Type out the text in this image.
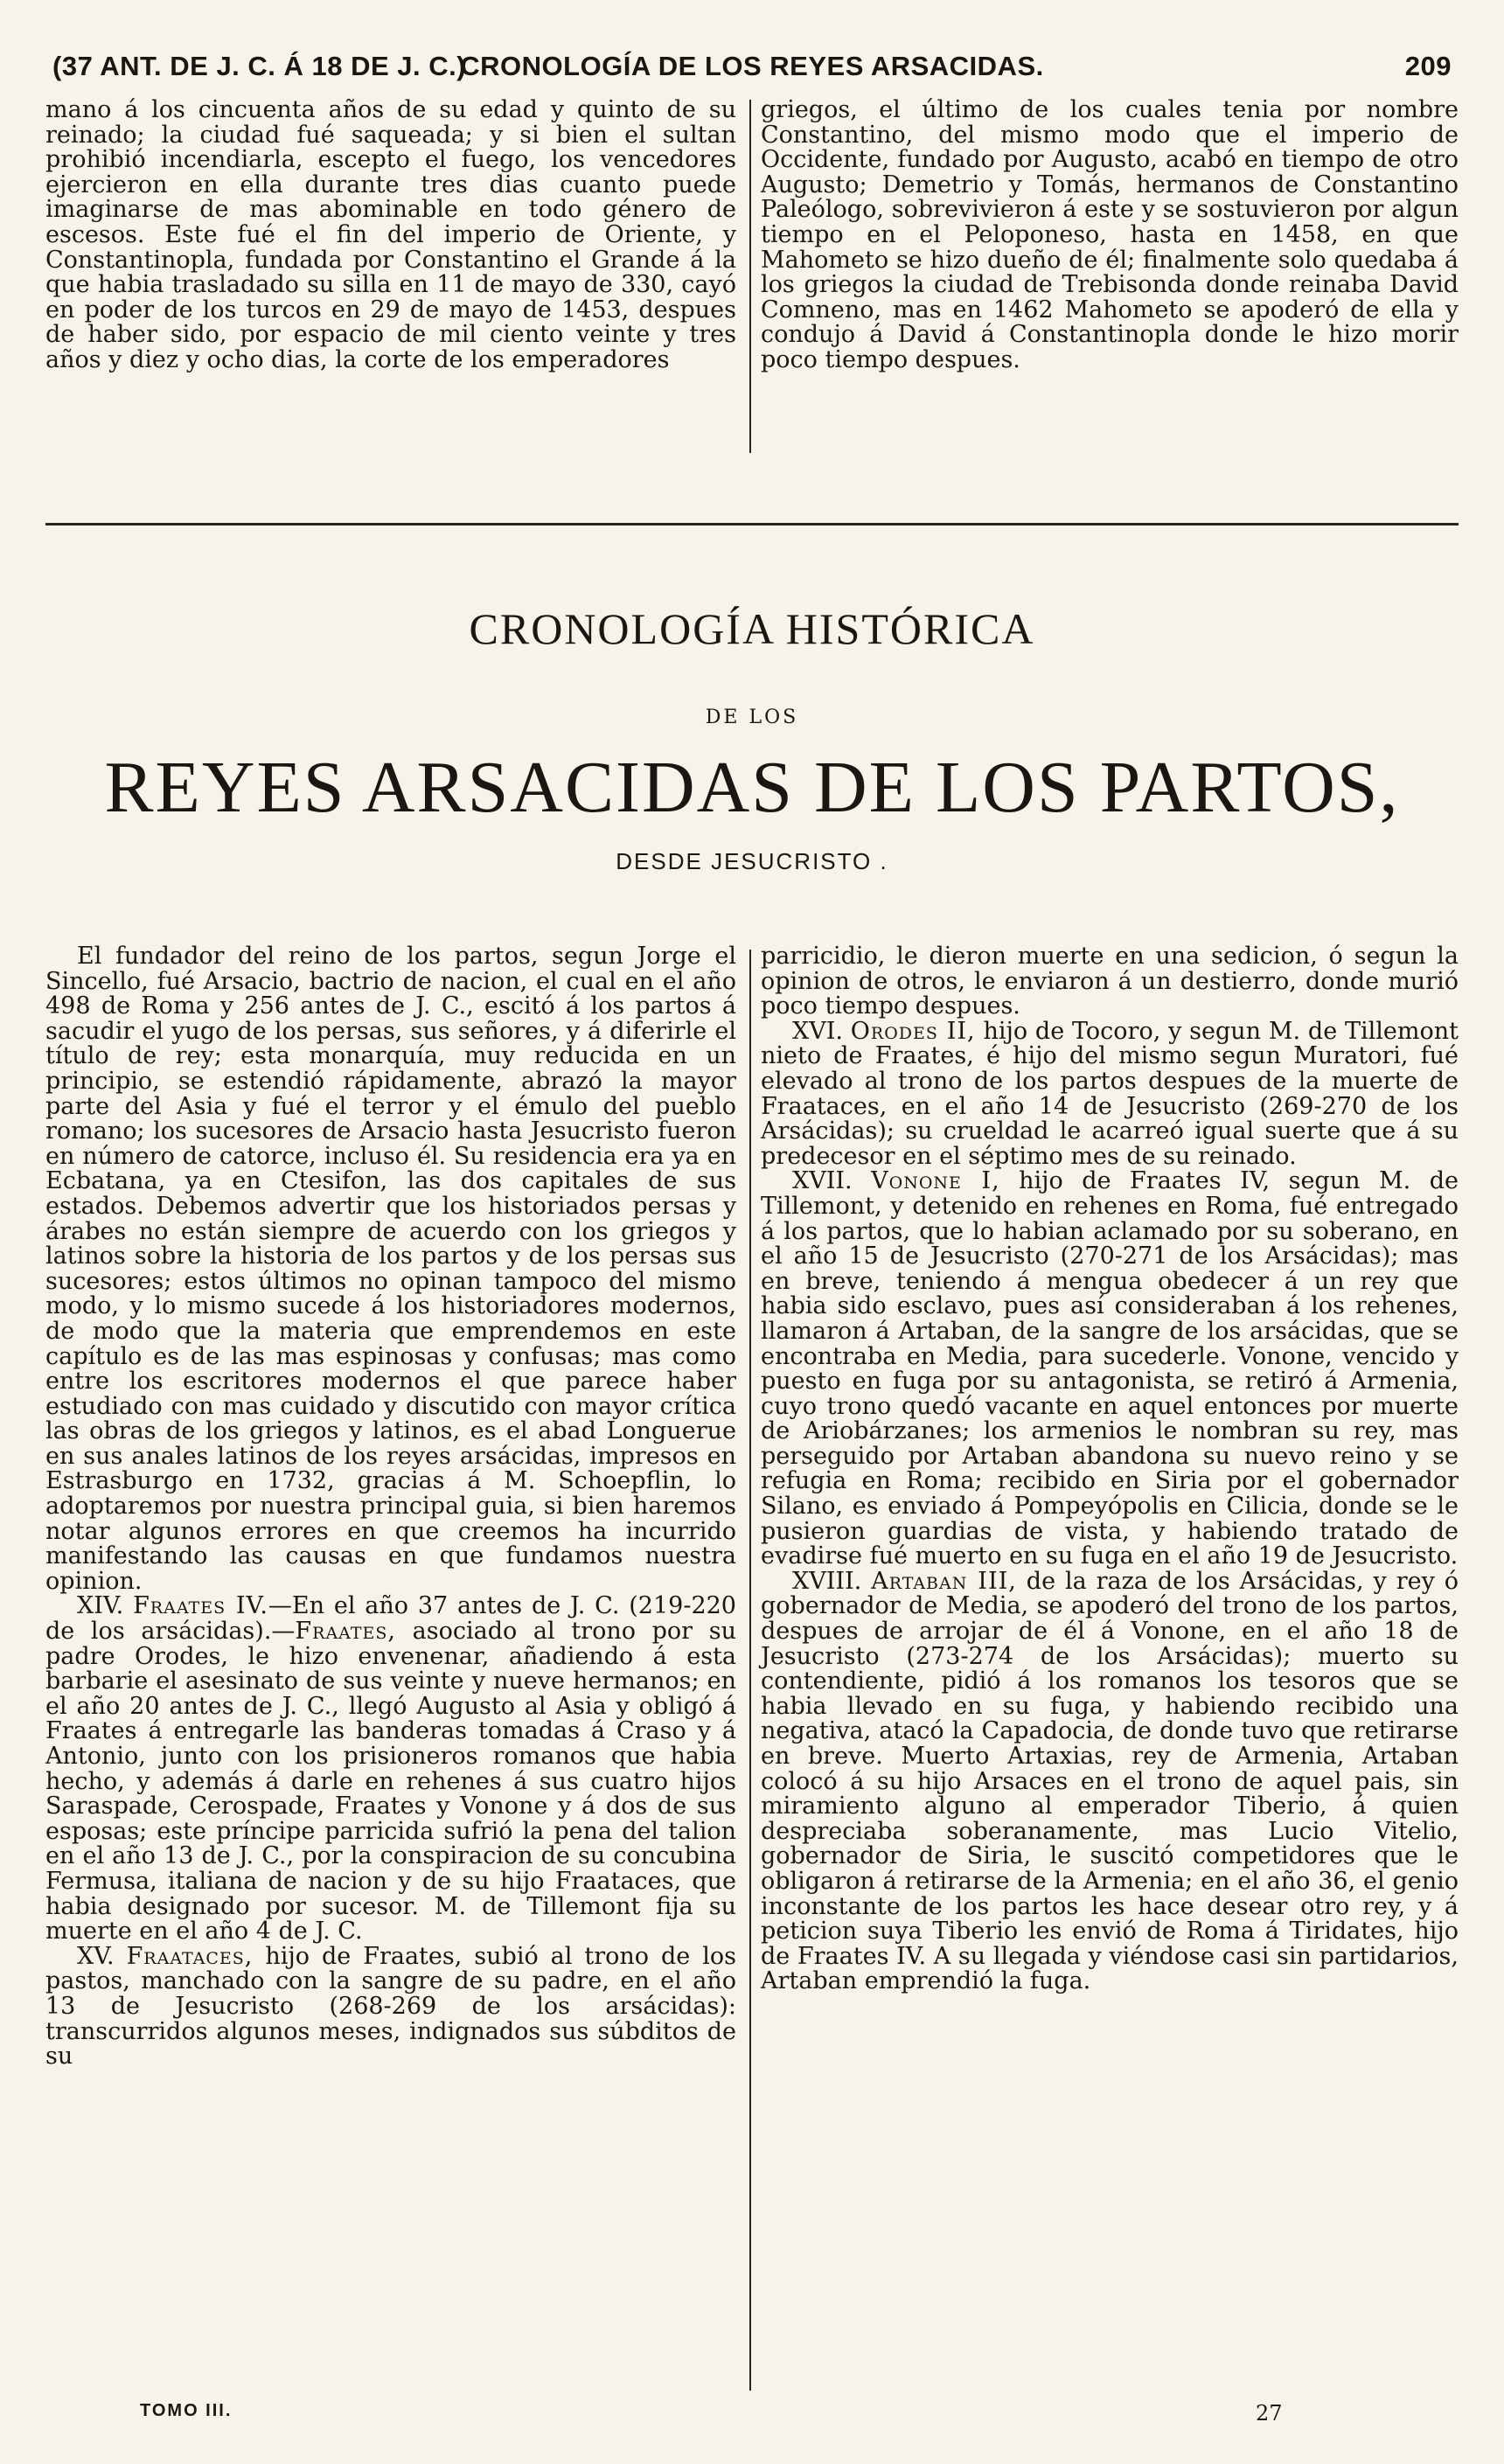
(37 ANT. DE J. C. Á 18 DE J. C.)
CRONOLOGÍA DE LOS REYES ARSACIDAS.	209

mano á los cincuenta años de su edad y quinto de su reinado; la ciudad fué saqueada; y si bien el sultan prohibió incendiarla, escepto el fuego, los vencedores ejercieron en ella durante tres dias cuanto puede imaginarse de mas abominable en todo género de escesos. Este fué el fin del imperio de Oriente, y Constantinopla, fundada por Constantino el Grande á la que habia trasladado su silla en 11 de mayo de 330, cayó en poder de los turcos en 29 de mayo de 1453, despues de haber sido, por espacio de mil ciento veinte y tres años y diez y ocho dias, la corte de los emperadores

griegos, el último de los cuales tenia por nombre Constantino, del mismo modo que el imperio de Occidente, fundado por Augusto, acabó en tiempo de otro Augusto; Demetrio y Tomás, hermanos de Constantino Paleólogo, sobrevivieron á este y se sostuvieron por algun tiempo en el Peloponeso, hasta en 1458, en que Mahometo se hizo dueño de él; finalmente solo quedaba á los griegos la ciudad de Trebisonda donde reinaba David Comneno, mas en 1462 Mahometo se apoderó de ella y condujo á David á Constantinopla donde le hizo morir poco tiempo despues.

CRONOLOGÍA HISTÓRICA
DE LOS
REYES ARSACIDAS DE LOS PARTOS,
DESDE JESUCRISTO .

El fundador del reino de los partos, segun Jorge el Sincello, fué Arsacio, bactrio de nacion, el cual en el año 498 de Roma y 256 antes de J. C., escitó á los partos á sacudir el yugo de los persas, sus señores, y á diferirle el título de rey; esta monarquía, muy reducida en un principio, se estendió rápidamente, abrazó la mayor parte del Asia y fué el terror y el émulo del pueblo romano; los sucesores de Arsacio hasta Jesucristo fueron en número de catorce, incluso él. Su residencia era ya en Ecbatana, ya en Ctesifon, las dos capitales de sus estados. Debemos advertir que los historiados persas y árabes no están siempre de acuerdo con los griegos y latinos sobre la historia de los partos y de los persas sus sucesores; estos últimos no opinan tampoco del mismo modo, y lo mismo sucede á los historiadores modernos, de modo que la materia que emprendemos en este capítulo es de las mas espinosas y confusas; mas como entre los escritores modernos el que parece haber estudiado con mas cuidado y discutido con mayor crítica las obras de los griegos y latinos, es el abad Longuerue en sus anales latinos de los reyes arsácidas, impresos en Estrasburgo en 1732, gracias á M. Schoepflin, lo adoptaremos por nuestra principal guia, si bien haremos notar algunos errores en que creemos ha incurrido manifestando las causas en que fundamos nuestra opinion.

XIV. Fraates IV.—En el año 37 antes de J. C. (219-220 de los arsácidas).—Fraates, asociado al trono por su padre Orodes, le hizo envenenar, añadiendo á esta barbarie el asesinato de sus veinte y nueve hermanos; en el año 20 antes de J. C., llegó Augusto al Asia y obligó á Fraates á entregarle las banderas tomadas á Craso y á Antonio, junto con los prisioneros romanos que habia hecho, y además á darle en rehenes á sus cuatro hijos Saraspade, Cerospade, Fraates y Vonone y á dos de sus esposas; este príncipe parricida sufrió la pena del talion en el año 13 de J. C., por la conspiracion de su concubina Fermusa, italiana de nacion y de su hijo Fraataces, que habia designado por sucesor. M. de Tillemont fija su muerte en el año 4 de J. C.

XV. Fraataces, hijo de Fraates, subió al trono de los pastos, manchado con la sangre de su padre, en el año 13 de Jesucristo (268-269 de los arsácidas): transcurridos algunos meses, indignados sus súbditos de su

parricidio, le dieron muerte en una sedicion, ó segun la opinion de otros, le enviaron á un destierro, donde murió poco tiempo despues.

XVI. Orodes II, hijo de Tocoro, y segun M. de Tillemont nieto de Fraates, é hijo del mismo segun Muratori, fué elevado al trono de los partos despues de la muerte de Fraataces, en el año 14 de Jesucristo (269-270 de los Arsácidas); su crueldad le acarreó igual suerte que á su predecesor en el séptimo mes de su reinado.

XVII. Vonone I, hijo de Fraates IV, segun M. de Tillemont, y detenido en rehenes en Roma, fué entregado á los partos, que lo habian aclamado por su soberano, en el año 15 de Jesucristo (270-271 de los Arsácidas); mas en breve, teniendo á mengua obedecer á un rey que habia sido esclavo, pues así consideraban á los rehenes, llamaron á Artaban, de la sangre de los arsácidas, que se encontraba en Media, para sucederle. Vonone, vencido y puesto en fuga por su antagonista, se retiró á Armenia, cuyo trono quedó vacante en aquel entonces por muerte de Ariobárzanes; los armenios le nombran su rey, mas perseguido por Artaban abandona su nuevo reino y se refugia en Roma; recibido en Siria por el gobernador Silano, es enviado á Pompeyópolis en Cilicia, donde se le pusieron guardias de vista, y habiendo tratado de evadirse fué muerto en su fuga en el año 19 de Jesucristo.

XVIII. Artaban III, de la raza de los Arsácidas, y rey ó gobernador de Media, se apoderó del trono de los partos, despues de arrojar de él á Vonone, en el año 18 de Jesucristo (273-274 de los Arsácidas); muerto su contendiente, pidió á los romanos los tesoros que se habia llevado en su fuga, y habiendo recibido una negativa, atacó la Capadocia, de donde tuvo que retirarse en breve. Muerto Artaxias, rey de Armenia, Artaban colocó á su hijo Arsaces en el trono de aquel pais, sin miramiento alguno al emperador Tiberio, á quien despreciaba soberanamente, mas Lucio Vitelio, gobernador de Siria, le suscitó competidores que le obligaron á retirarse de la Armenia; en el año 36, el genio inconstante de los partos les hace desear otro rey, y á peticion suya Tiberio les envió de Roma á Tiridates, hijo de Fraates IV. A su llegada y viéndose casi sin partidarios, Artaban emprendió la fuga.

TOMO III.	27
